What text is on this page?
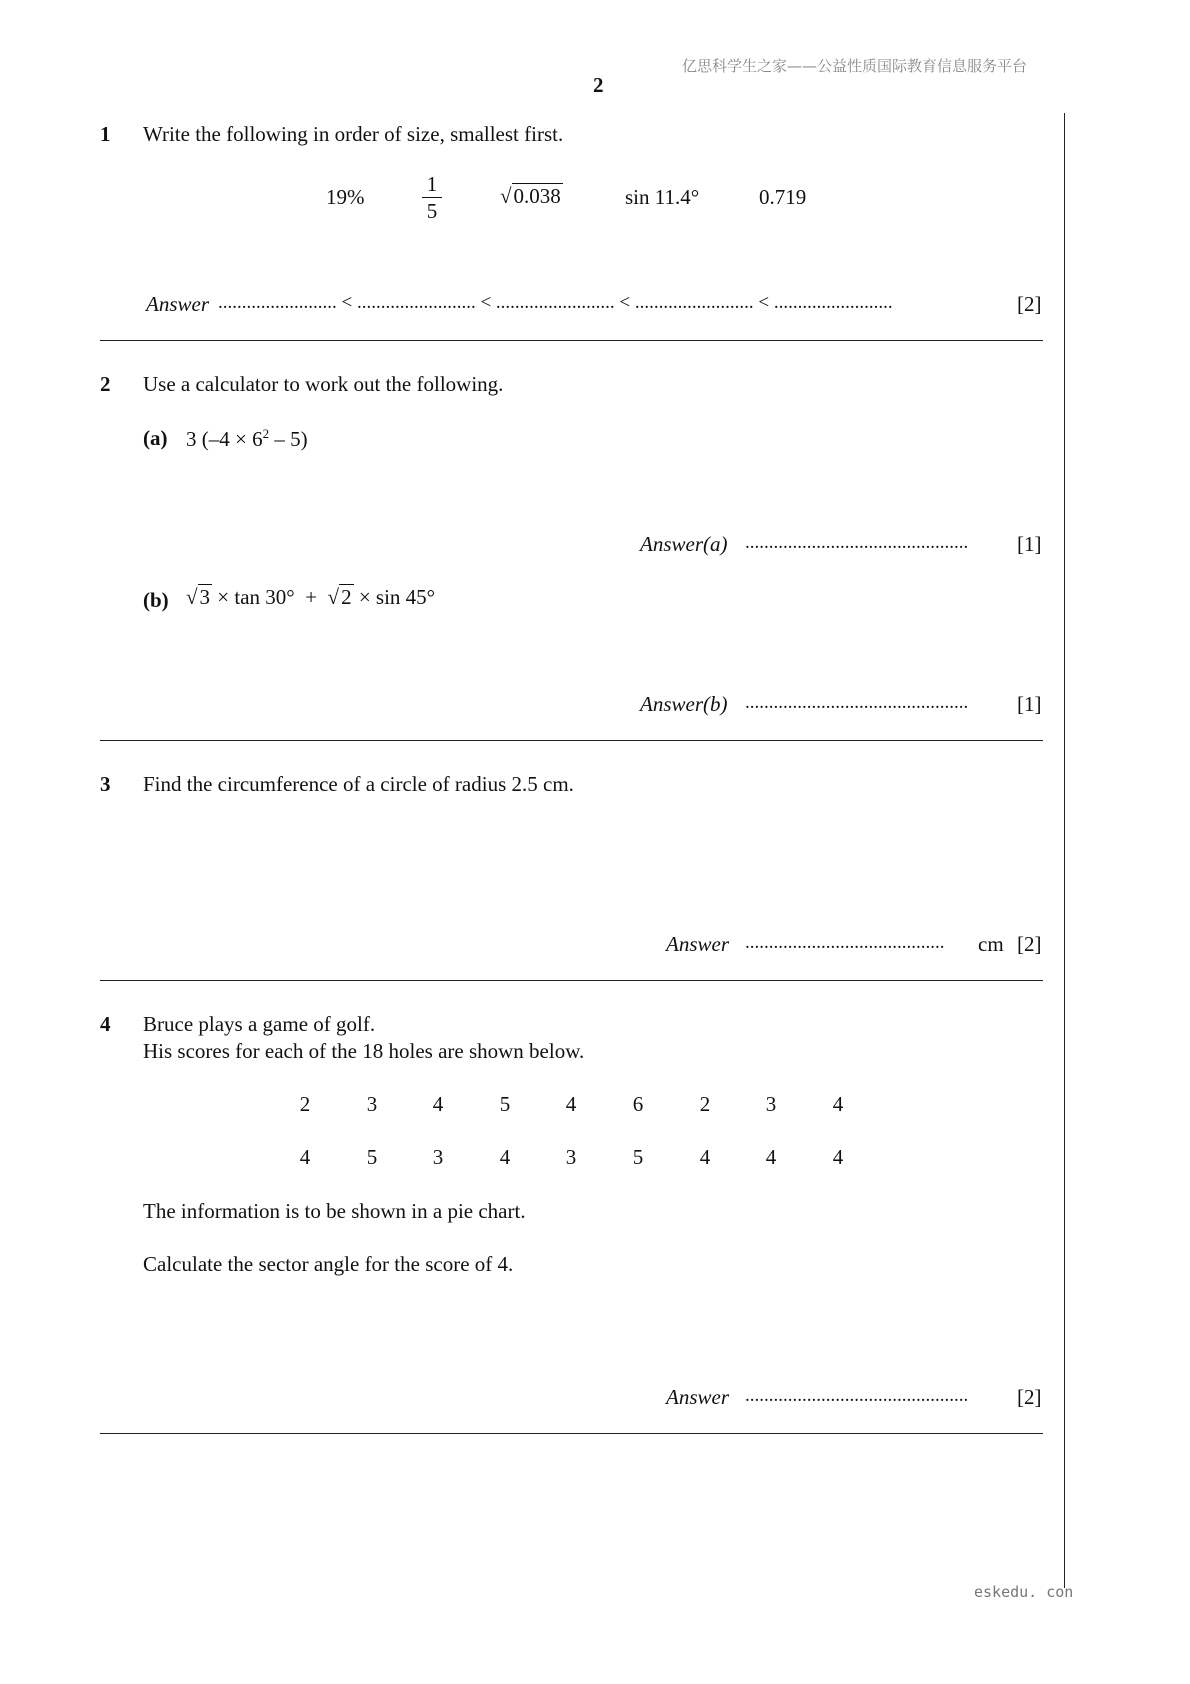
亿思科学生之家——公益性质国际教育信息服务平台
2
1 Write the following in order of size, smallest first.
19%
1
5
√0.038	sin 11.4°	0.719
Answer ......................... < ......................... < ......................... < ......................... < .........................	[2]
2 Use a calculator to work out the following.
(a) 3 $(-4 \times 6^2 - 5)$
Answer(a) ............................................... [1]
(b) √3 × tan 30°  +  √2 × sin 45°
Answer(b) ............................................... [1]
3 Find the circumference of a circle of radius 2.5 cm.
Answer .......................................... cm [2]
4 Bruce plays a game of golf.
His scores for each of the 18 holes are shown below.
2	3	4	5	4	6	2	3	4
4	5	3	4	3	5	4	4	4
The information is to be shown in a pie chart.
Calculate the sector angle for the score of 4.
Answer ............................................... [2]
eskedu. con
